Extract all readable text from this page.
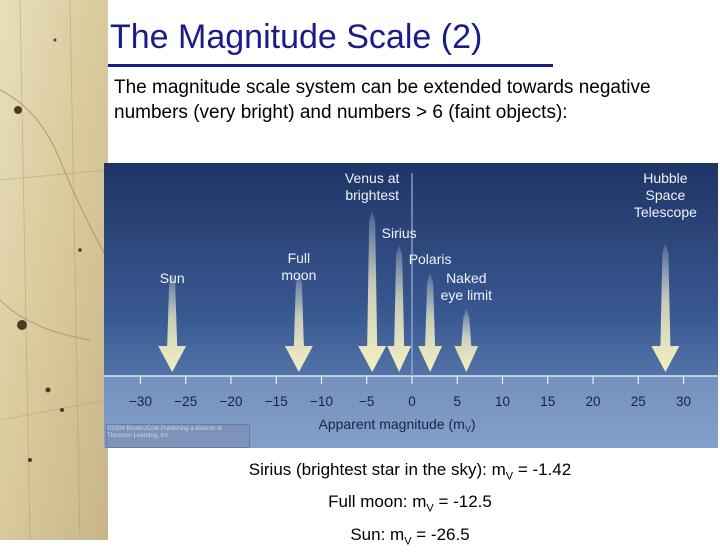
The Magnitude Scale (2)
The magnitude scale system can be extended towards negative numbers (very bright) and numbers > 6 (faint objects):
Sun
Full moon
Venus at brightest
Sirius
Polaris
Naked eye limit
Hubble Space Telescope
−30 −25 −20 −15 −10 −5	0	5	10 15 20 25 30
Apparent magnitude $(m_V)$
©2004 Brooks/Cole Publishing a division of Thomson Learning, Inc.
Sirius (brightest star in the sky): $m_V = -1.42$
Full moon: $m_V = -12.5$
Sun: $m_V = -26.5$
